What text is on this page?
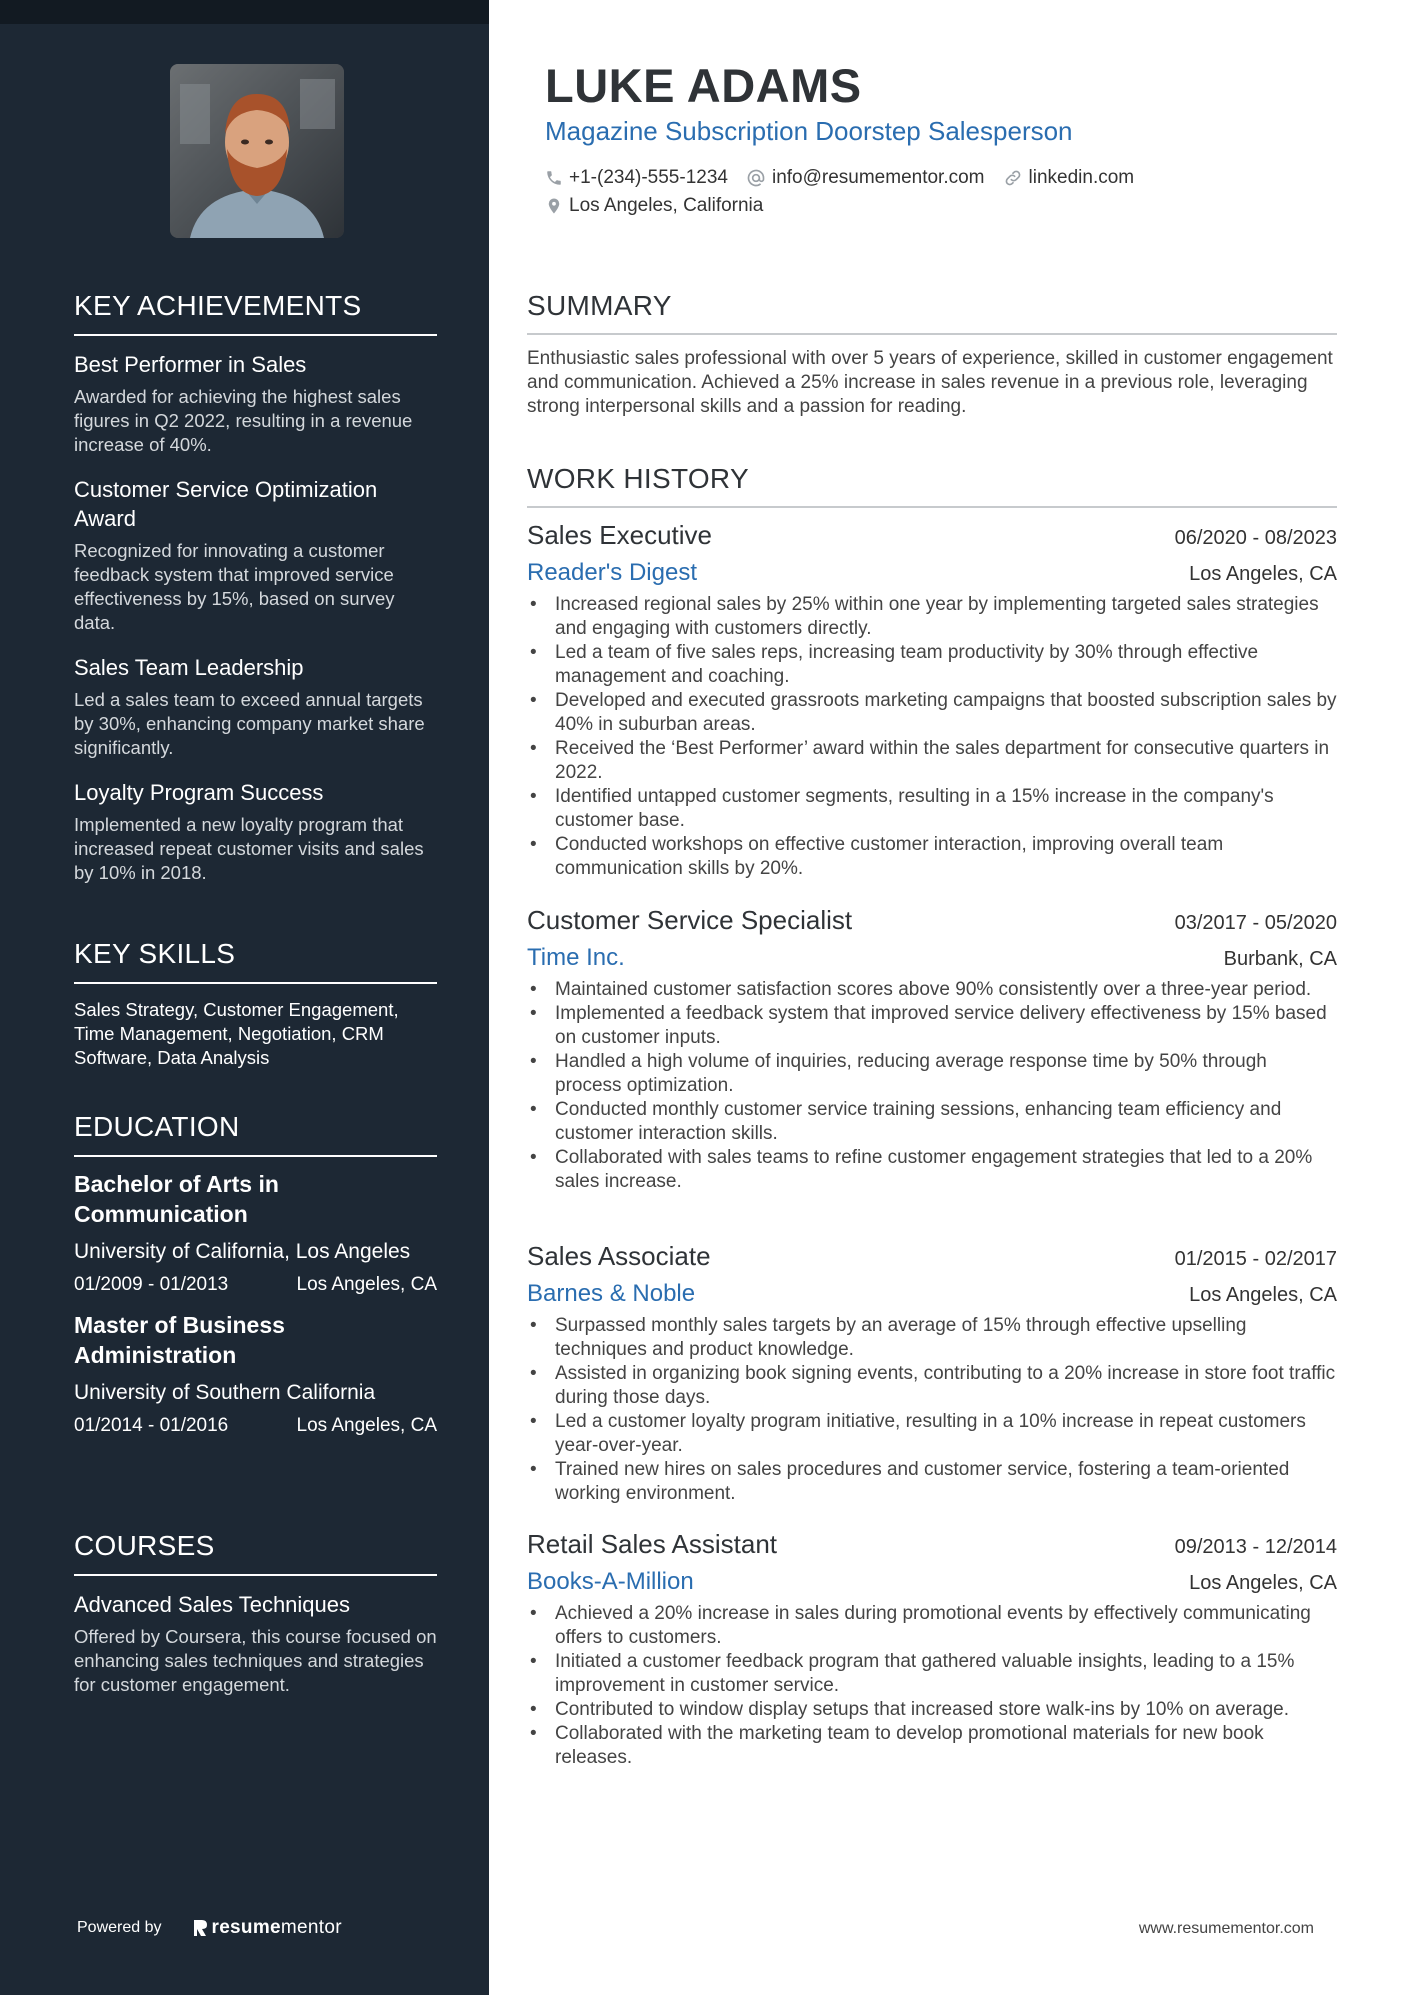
KEY ACHIEVEMENTS
Best Performer in Sales
Awarded for achieving the highest sales figures in Q2 2022, resulting in a revenue increase of 40%.
Customer Service Optimization Award
Recognized for innovating a customer feedback system that improved service effectiveness by 15%, based on survey data.
Sales Team Leadership
Led a sales team to exceed annual targets by 30%, enhancing company market share significantly.
Loyalty Program Success
Implemented a new loyalty program that increased repeat customer visits and sales by 10% in 2018.
KEY SKILLS
Sales Strategy, Customer Engagement, Time Management, Negotiation, CRM Software, Data Analysis
EDUCATION
Bachelor of Arts in Communication
University of California, Los Angeles
01/2009 - 01/2013	Los Angeles, CA
Master of Business Administration
University of Southern California
01/2014 - 01/2016	Los Angeles, CA
COURSES
Advanced Sales Techniques
Offered by Coursera, this course focused on enhancing sales techniques and strategies for customer engagement.
Powered by	resume mentor
LUKE ADAMS
Magazine Subscription Doorstep Salesperson
+1-(234)-555-1234 info@resumementor.com linkedin.com
Los Angeles, California
SUMMARY
Enthusiastic sales professional with over 5 years of experience, skilled in customer engagement and communication. Achieved a 25% increase in sales revenue in a previous role, leveraging strong interpersonal skills and a passion for reading.
WORK HISTORY
Sales Executive	06/2020 - 08/2023
Reader's Digest	Los Angeles, CA
• Increased regional sales by 25% within one year by implementing targeted sales strategies and engaging with customers directly.
• Led a team of five sales reps, increasing team productivity by 30% through effective management and coaching.
• Developed and executed grassroots marketing campaigns that boosted subscription sales by 40% in suburban areas.
• Received the ‘Best Performer’ award within the sales department for consecutive quarters in 2022.
• Identified untapped customer segments, resulting in a 15% increase in the company's customer base.
• Conducted workshops on effective customer interaction, improving overall team communication skills by 20%.
Customer Service Specialist	03/2017 - 05/2020
Time Inc.	Burbank, CA
• Maintained customer satisfaction scores above 90% consistently over a three-year period.
• Implemented a feedback system that improved service delivery effectiveness by 15% based on customer inputs.
• Handled a high volume of inquiries, reducing average response time by 50% through process optimization.
• Conducted monthly customer service training sessions, enhancing team efficiency and customer interaction skills.
• Collaborated with sales teams to refine customer engagement strategies that led to a 20% sales increase.
Sales Associate	01/2015 - 02/2017
Barnes & Noble	Los Angeles, CA
• Surpassed monthly sales targets by an average of 15% through effective upselling techniques and product knowledge.
• Assisted in organizing book signing events, contributing to a 20% increase in store foot traffic during those days.
• Led a customer loyalty program initiative, resulting in a 10% increase in repeat customers year-over-year.
• Trained new hires on sales procedures and customer service, fostering a team-oriented working environment.
Retail Sales Assistant	09/2013 - 12/2014
Books-A-Million	Los Angeles, CA
• Achieved a 20% increase in sales during promotional events by effectively communicating offers to customers.
• Initiated a customer feedback program that gathered valuable insights, leading to a 15% improvement in customer service.
• Contributed to window display setups that increased store walk-ins by 10% on average.
• Collaborated with the marketing team to develop promotional materials for new book releases.
www.resumementor.com
